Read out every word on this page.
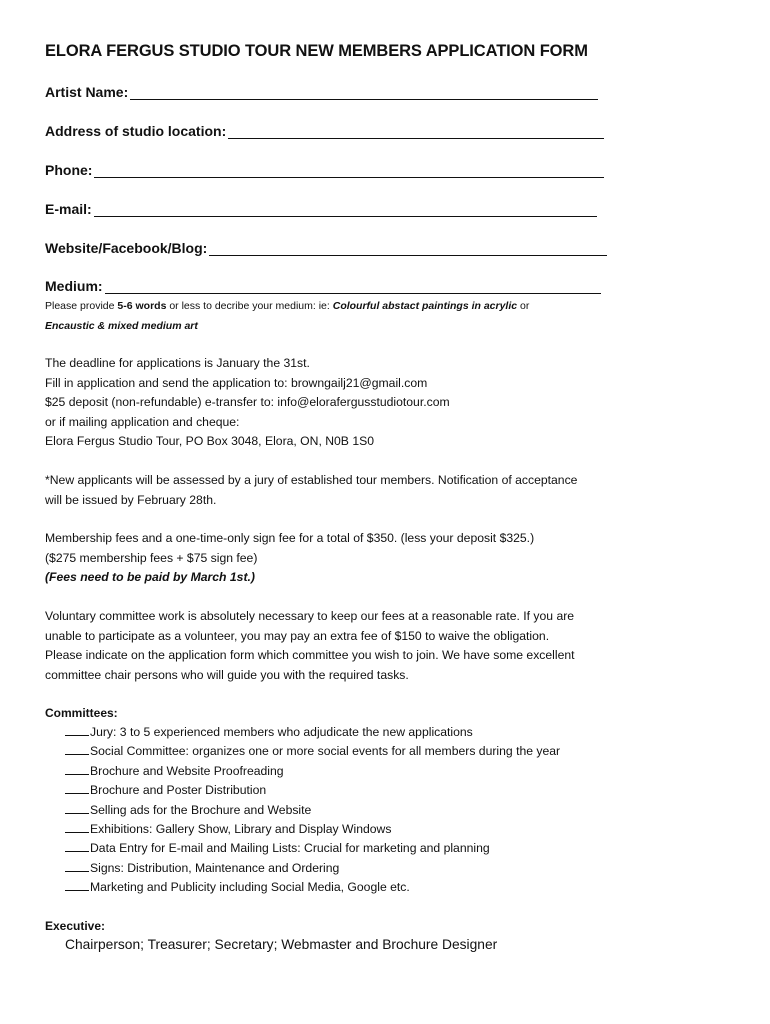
ELORA FERGUS STUDIO TOUR NEW MEMBERS APPLICATION FORM
Artist Name:
Address of studio location:
Phone:
E-mail:
Website/Facebook/Blog:
Medium:
Please provide 5-6 words or less to decribe your medium: ie: Colourful abstact paintings in acrylic or
Encaustic & mixed medium art
The deadline for applications is January the 31st.
Fill in application and send the application to: browngailj21@gmail.com
$25 deposit (non-refundable) e-transfer to: info@elorafergusstudiotour.com
or if mailing application and cheque:
Elora Fergus Studio Tour, PO Box 3048, Elora, ON, N0B 1S0
*New applicants will be assessed by a jury of established tour members. Notification of acceptance
will be issued by February 28th.
Membership fees and a one-time-only sign fee for a total of $350. (less your deposit $325.)
($275 membership fees + $75 sign fee)
(Fees need to be paid by March 1st.)
Voluntary committee work is absolutely necessary to keep our fees at a reasonable rate. If you are
unable to participate as a volunteer, you may pay an extra fee of $150 to waive the obligation.
Please indicate on the application form which committee you wish to join. We have some excellent
committee chair persons who will guide you with the required tasks.
Committees:
Jury: 3 to 5 experienced members who adjudicate the new applications
Social Committee: organizes one or more social events for all members during the year
Brochure and Website Proofreading
Brochure and Poster Distribution
Selling ads for the Brochure and Website
Exhibitions: Gallery Show, Library and Display Windows
Data Entry for E-mail and Mailing Lists: Crucial for marketing and planning
Signs: Distribution, Maintenance and Ordering
Marketing and Publicity including Social Media, Google etc.
Executive:
Chairperson; Treasurer; Secretary; Webmaster and Brochure Designer
